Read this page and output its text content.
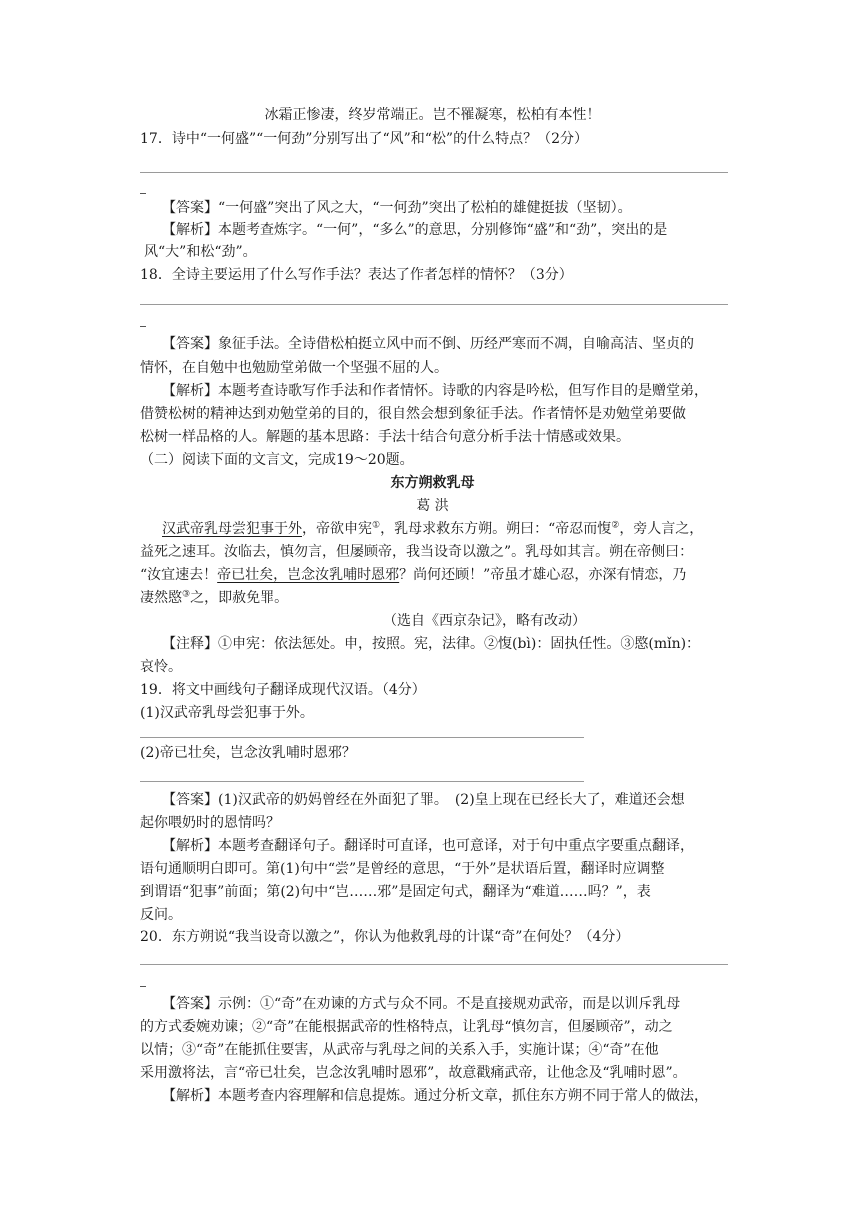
冰霜正惨凄，终岁常端正。岂不罹凝寒，松柏有本性！
17．诗中“一何盛”“一何劲”分别写出了“风”和“松”的什么特点？（2分）
【答案】“一何盛”突出了风之大，“一何劲”突出了松柏的雄健挺拔（坚韧）。
【解析】本题考查炼字。“一何”，“多么”的意思，分别修饰“盛”和“劲”，突出的是
风“大”和松“劲”。
18．全诗主要运用了什么写作手法？表达了作者怎样的情怀？（3分）
【答案】象征手法。全诗借松柏挺立风中而不倒、历经严寒而不凋，自喻高洁、坚贞的
情怀，在自勉中也勉励堂弟做一个坚强不屈的人。
【解析】本题考查诗歌写作手法和作者情怀。诗歌的内容是吟松，但写作目的是赠堂弟，
借赞松树的精神达到劝勉堂弟的目的，很自然会想到象征手法。作者情怀是劝勉堂弟要做
松树一样品格的人。解题的基本思路：手法十结合句意分析手法十情感或效果。
（二）阅读下面的文言文，完成19～20题。
东方朔救乳母
葛 洪
汉武帝乳母尝犯事于外，帝欲申宪①，乳母求救东方朔。朔曰：“帝忍而愎②，旁人言之，
益死之速耳。汝临去，慎勿言，但屡顾帝，我当设奇以激之”。乳母如其言。朔在帝侧曰：
“汝宜速去！帝已壮矣，岂念汝乳哺时恩邪？尚何还顾！”帝虽才雄心忍，亦深有情恋，乃
凄然愍③之，即赦免罪。
（选自《西京杂记》，略有改动）
【注释】①申宪：依法惩处。申，按照。宪，法律。②愎(bì)：固执任性。③愍(mǐn)：
哀怜。
19．将文中画线句子翻译成现代汉语。（4分）
(1)汉武帝乳母尝犯事于外。
(2)帝已壮矣，岂念汝乳哺时恩邪？
【答案】(1)汉武帝的奶妈曾经在外面犯了罪。　(2)皇上现在已经长大了，难道还会想
起你喂奶时的恩情吗？
【解析】本题考查翻译句子。翻译时可直译，也可意译，对于句中重点字要重点翻译，
语句通顺明白即可。第(1)句中“尝”是曾经的意思，“于外”是状语后置，翻译时应调整
到谓语“犯事”前面；第(2)句中“岂……邪”是固定句式，翻译为“难道……吗？”，表
反问。
20．东方朔说“我当设奇以激之”，你认为他救乳母的计谋“奇”在何处？（4分）
【答案】示例：①“奇”在劝谏的方式与众不同。不是直接规劝武帝，而是以训斥乳母
的方式委婉劝谏；②“奇”在能根据武帝的性格特点，让乳母“慎勿言，但屡顾帝”，动之
以情；③“奇”在能抓住要害，从武帝与乳母之间的关系入手，实施计谋；④“奇”在他
采用激将法，言“帝已壮矣，岂念汝乳哺时恩邪”，故意戳痛武帝，让他念及“乳哺时恩”。
【解析】本题考查内容理解和信息提炼。通过分析文章，抓住东方朔不同于常人的做法，
